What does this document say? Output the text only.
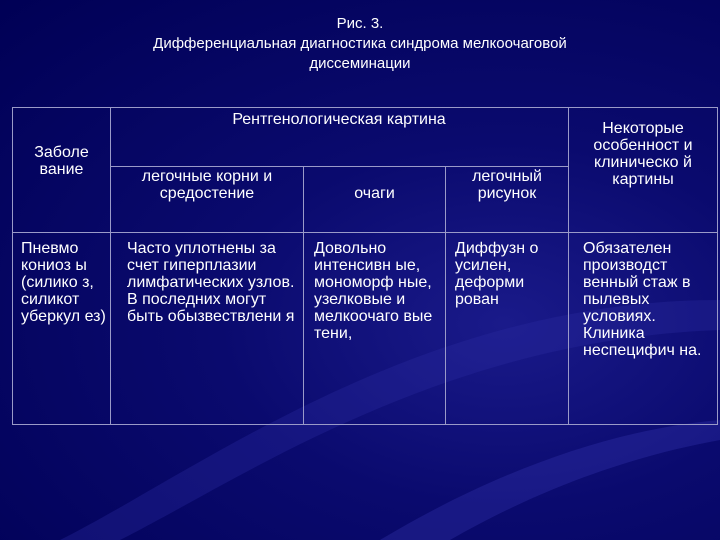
Рис. 3.
Дифференциальная диагностика синдрома мелкоочаговой
диссеминации
Заболе вание
Рентгенологическая картина
легочные корни и средостение	очаги
легочный рисунок
Некоторые особенност и клиническо й картины
Пневмо кониоз ы (силико з, силикот уберкул ез)
Часто уплотнены за счет гиперплазии лимфатических узлов. В последних могут быть обызвествлени я
Довольно интенсивн ые, мономорф ные, узелковые и мелкоочаго вые тени,
Диффузн о усилен, деформи рован
Обязателен производст венный стаж в пылевых условиях. Клиника неспецифич на.
